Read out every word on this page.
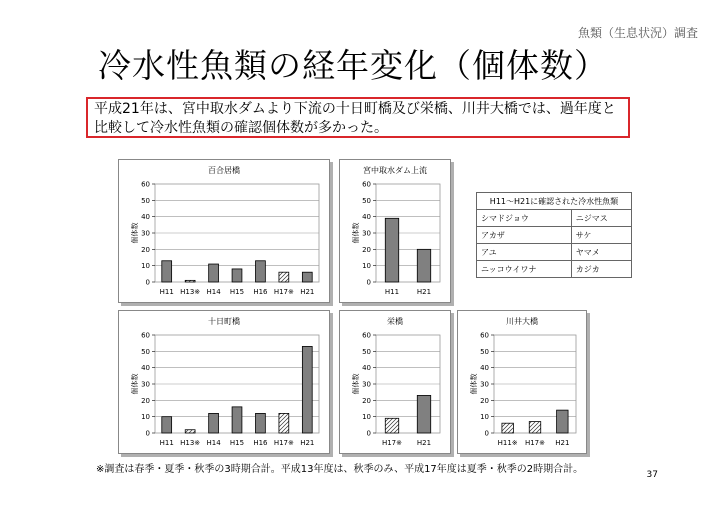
魚類（生息状況）調査
冷水性魚類の経年変化（個体数）
平成21年は、宮中取水ダムより下流の十日町橋及び栄橋、川井大橋では、過年度と比較して冷水性魚類の確認個体数が多かった。
百合居橋
個体数
0
10
20
30
40
50
60
H11 H13※ H14 H15 H16 H17※ H21
宮中取水ダム上流
個体数
0
10
20
30
40
50
60
H11	H21
十日町橋
個体数
0
10
20
30
40
50
60
H11 H13※ H14 H15 H16 H17※ H21
栄橋
個体数
0
10
20
30
40
50
60
H17※ H21
川井大橋
個体数
0
10
20
30
40
50
60
H11※ H17※ H21
H11～H21に確認された冷水性魚類	
シマドジョウ	ニジマス
アカザ	サケ
アユ	ヤマメ
ニッコウイワナ	カジカ
※調査は春季・夏季・秋季の3時期合計。平成13年度は、秋季のみ、平成17年度は夏季・秋季の2時期合計。	37
